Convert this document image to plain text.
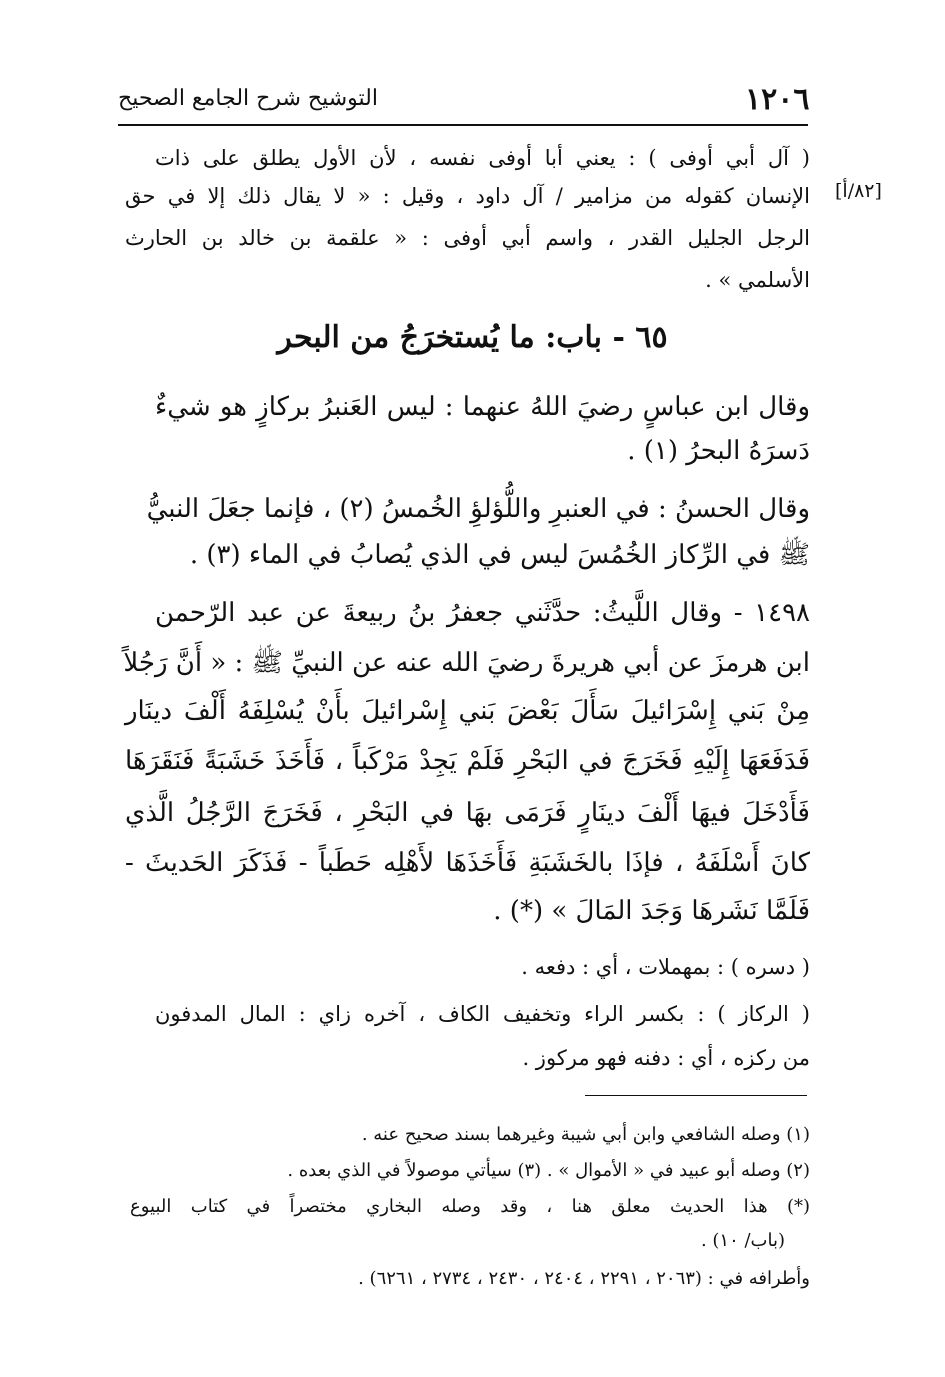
١٢٠٦
التوشيح شرح الجامع الصحيح
( آل أبي أوفى ) : يعني أبا أوفى نفسه ، لأن الأول يطلق على ذات
[٨٢/أ]
الإنسان كقوله من مزامير / آل داود ، وقيل : « لا يقال ذلك إلا في حق
الرجل الجليل القدر ، واسم أبي أوفى : « علقمة بن خالد بن الحارث
الأسلمي » .
٦٥ - باب: ما يُستخرَجُ من البحر
وقال ابن عباسٍ رضيَ اللهُ عنهما : ليس العَنبرُ بركازٍ هو شيءٌ
دَسرَهُ البحرُ (١) .
وقال الحسنُ : في العنبرِ واللُّؤلؤِ الخُمسُ (٢) ، فإنما جعَلَ النبيُّ
ﷺ في الرِّكاز الخُمُسَ ليس في الذي يُصابُ في الماء (٣) .
١٤٩٨ - وقال اللَّيثُ: حدَّثَني جعفرُ بنُ ربيعةَ عن عبد الرّحمن
ابن هرمزَ عن أبي هريرةَ رضيَ الله عنه عن النبيِّ ﷺ : « أَنَّ رَجُلاً
مِنْ بَني إِسْرَائيلَ سَأَلَ بَعْضَ بَني إِسْرائيلَ بأَنْ يُسْلِفَهُ أَلْفَ دينَار
فَدَفَعَهَا إِلَيْهِ فَخَرَجَ في البَحْرِ فَلَمْ يَجِدْ مَرْكَباً ، فَأَخَذَ خَشَبَةً فَنَقَرَهَا
فَأَدْخَلَ فيهَا أَلْفَ دينَارٍ فَرَمَى بهَا في البَحْرِ ، فَخَرَجَ الرَّجُلُ الَّذي
كانَ أَسْلَفَهُ ، فإذَا بالخَشَبَةِ فَأَخَذَهَا لأَهْلِه حَطَباً - فَذَكَرَ الحَديثَ -
فَلَمَّا نَشَرهَا وَجَدَ المَالَ » (*) .
( دسره ) : بمهملات ، أي : دفعه .
( الركاز ) : بكسر الراء وتخفيف الكاف ، آخره زاي : المال المدفون
من ركزه ، أي : دفنه فهو مركوز .
(١) وصله الشافعي وابن أبي شيبة وغيرهما بسند صحيح عنه .
(٢) وصله أبو عبيد في « الأموال » . (٣) سيأتي موصولاً في الذي بعده .
(*) هذا الحديث معلق هنا ، وقد وصله البخاري مختصراً في كتاب البيوع
(باب/ ١٠) .
وأطرافه في : (٢٠٦٣ ، ٢٢٩١ ، ٢٤٠٤ ، ٢٤٣٠ ، ٢٧٣٤ ، ٦٢٦١) .
